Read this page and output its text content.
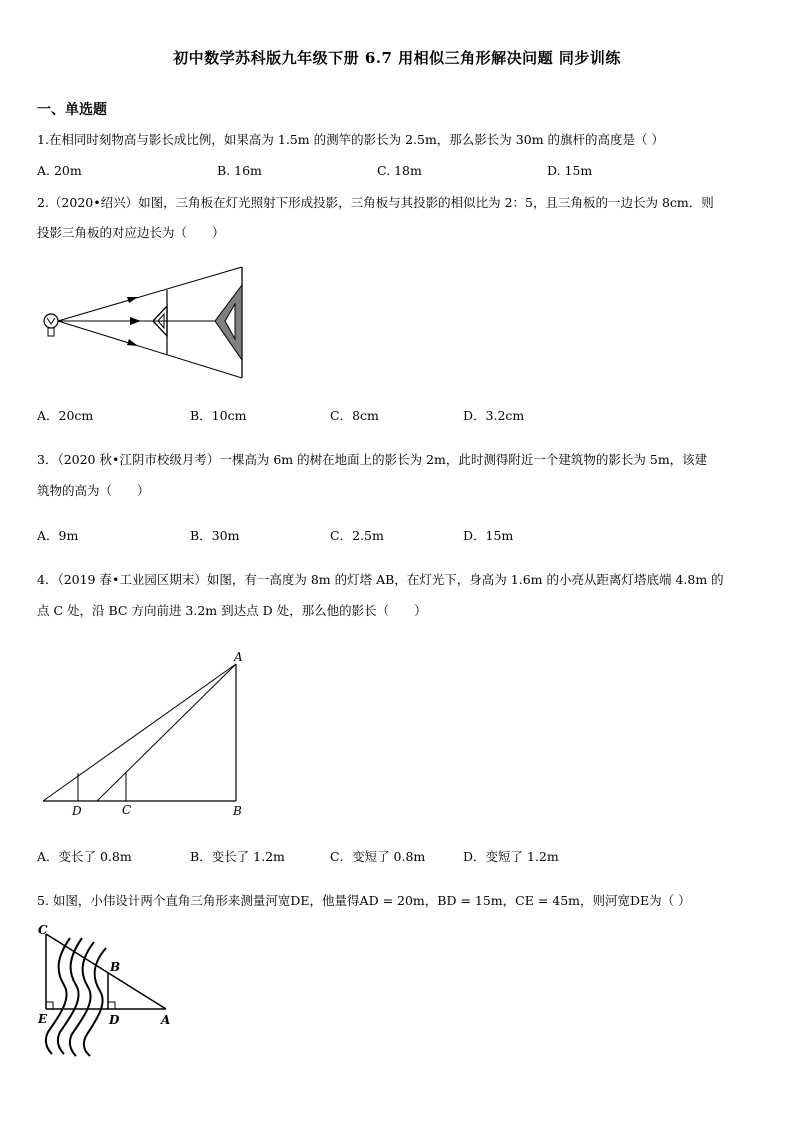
初中数学苏科版九年级下册 6.7 用相似三角形解决问题 同步训练
一、单选题
1.在相同时刻物高与影长成比例，如果高为 1.5m 的测竿的影长为 2.5m，那么影长为 30m 的旗杆的高度是（ ）
A. 20m	B. 16m	C. 18m	D. 15m
2.（2020•绍兴）如图，三角板在灯光照射下形成投影，三角板与其投影的相似比为 2：5，且三角板的一边长为 8cm．则
投影三角板的对应边长为（　　）
A．20cm	B．10cm	C．8cm	D．3.2cm
3．（2020 秋•江阴市校级月考）一棵高为 6m 的树在地面上的影长为 2m，此时测得附近一个建筑物的影长为 5m，该建
筑物的高为（　　）
A．9m	B．30m	C．2.5m	D．15m
4．（2019 春•工业园区期末）如图，有一高度为 8m 的灯塔 AB，在灯光下，身高为 1.6m 的小亮从距离灯塔底端 4.8m 的
点 C 处，沿 BC 方向前进 3.2m 到达点 D 处，那么他的影长（　　）
A
B
C
D
A．变长了 0.8m	B．变长了 1.2m	C．变短了 0.8m	D．变短了 1.2m
5. 如图，小伟设计两个直角三角形来测量河宽DE，他量得AD = 20m，BD = 15m，CE = 45m，则河宽DE为（ ）
C
B
E	D	A
